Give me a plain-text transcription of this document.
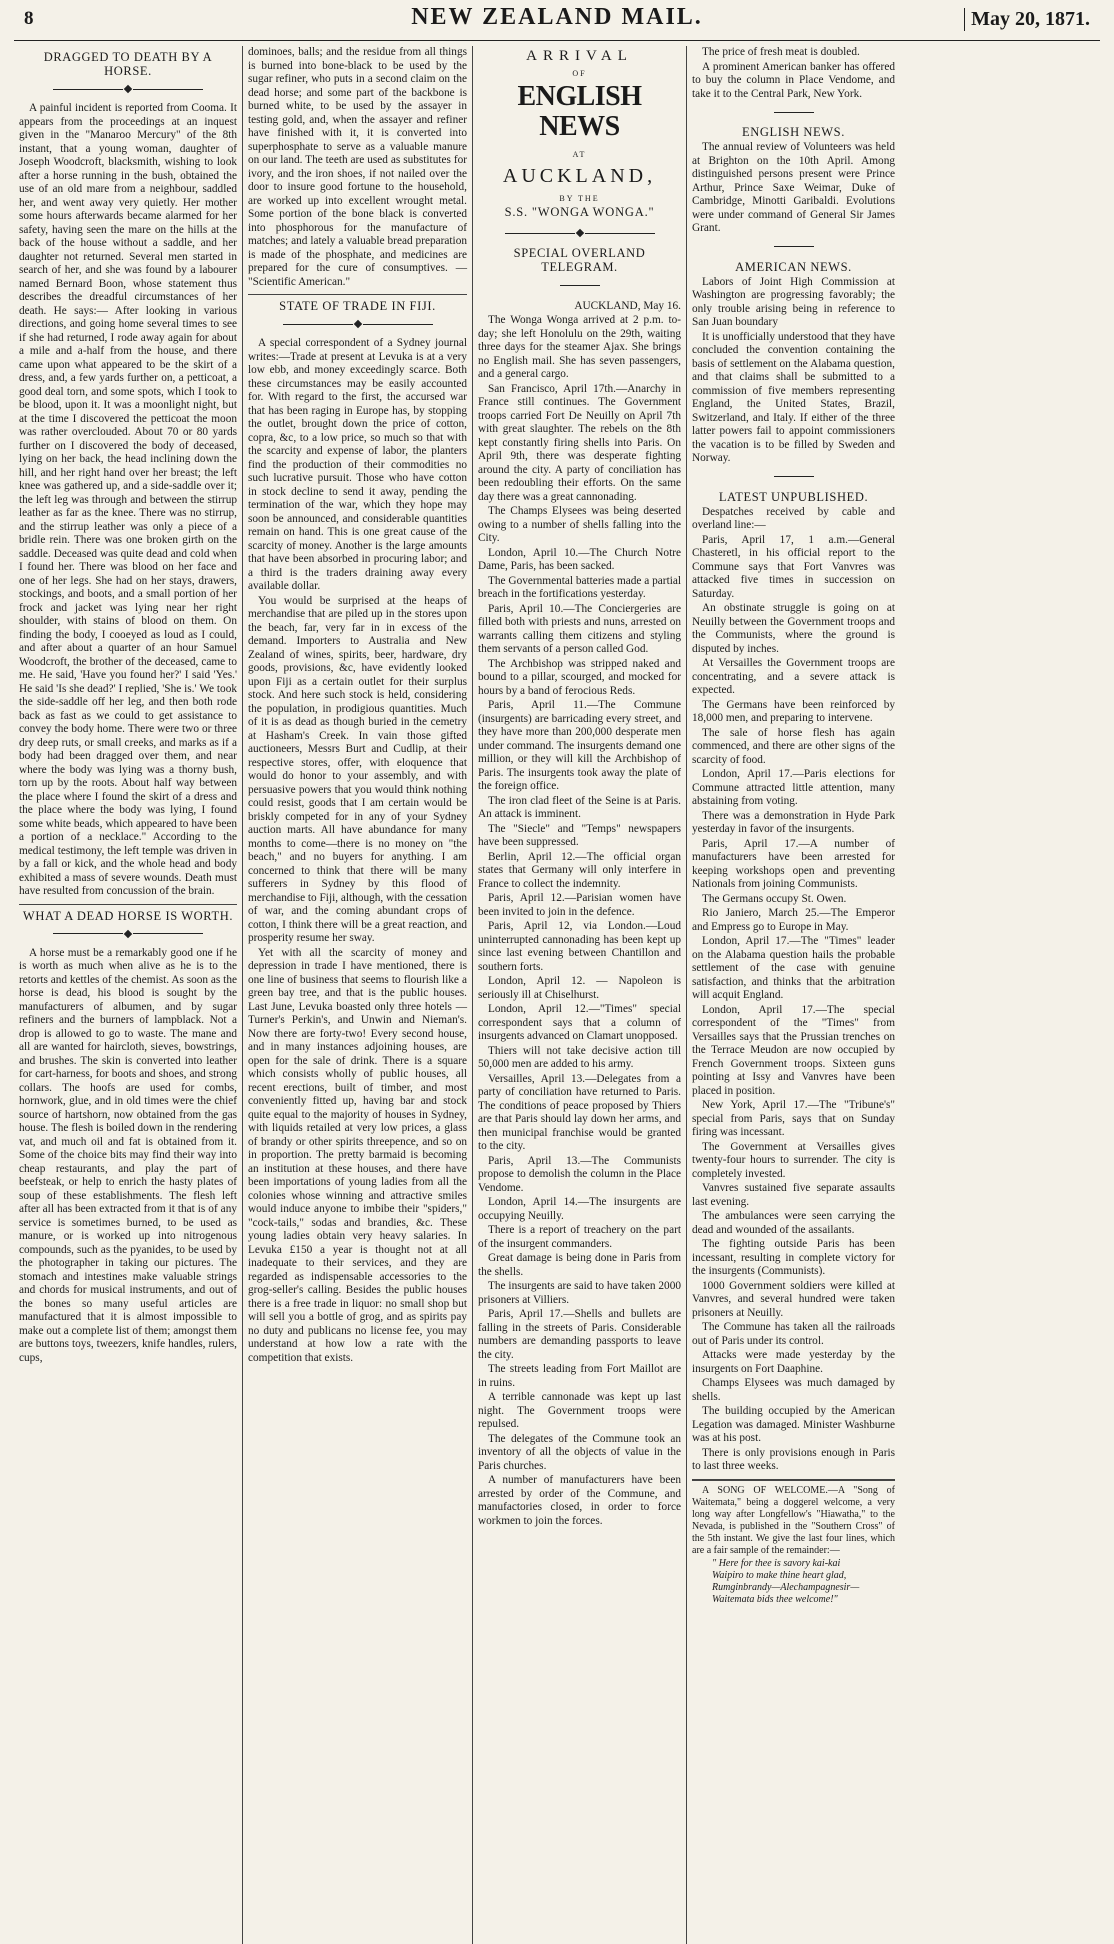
8	NEW ZEALAND MAIL.	May 20, 1871.
DRAGGED TO DEATH BY A HORSE.

A painful incident is reported from Cooma. It appears from the proceedings at an inquest given in the "Manaroo Mercury" of the 8th instant, that a young woman, daughter of Joseph Woodcroft, blacksmith, wishing to look after a horse running in the bush, obtained the use of an old mare from a neighbour, saddled her, and went away very quietly. Her mother some hours afterwards became alarmed for her safety, having seen the mare on the hills at the back of the house without a saddle, and her daughter not returned. Several men started in search of her, and she was found by a labourer named Bernard Boon, whose statement thus describes the dreadful circumstances of her death. He says:— After looking in various directions, and going home several times to see if she had returned, I rode away again for about a mile and a-half from the house, and there came upon what appeared to be the skirt of a dress, and, a few yards further on, a petticoat, a good deal torn, and some spots, which I took to be blood, upon it. It was a moonlight night, but at the time I discovered the petticoat the moon was rather overclouded. About 70 or 80 yards further on I discovered the body of deceased, lying on her back, the head inclining down the hill, and her right hand over her breast; the left knee was gathered up, and a side-saddle over it; the left leg was through and between the stirrup leather as far as the knee. There was no stirrup, and the stirrup leather was only a piece of a bridle rein. There was one broken girth on the saddle. Deceased was quite dead and cold when I found her. There was blood on her face and one of her legs. She had on her stays, drawers, stockings, and boots, and a small portion of her frock and jacket was lying near her right shoulder, with stains of blood on them. On finding the body, I cooeyed as loud as I could, and after about a quarter of an hour Samuel Woodcroft, the brother of the deceased, came to me. He said, 'Have you found her?' I said 'Yes.' He said 'Is she dead?' I replied, 'She is.' We took the side-saddle off her leg, and then both rode back as fast as we could to get assistance to convey the body home. There were two or three dry deep ruts, or small creeks, and marks as if a body had been dragged over them, and near where the body was lying was a thorny bush, torn up by the roots. About half way between the place where I found the skirt of a dress and the place where the body was lying, I found some white beads, which appeared to have been a portion of a necklace." According to the medical testimony, the left temple was driven in by a fall or kick, and the whole head and body exhibited a mass of severe wounds. Death must have resulted from concussion of the brain.

WHAT A DEAD HORSE IS WORTH.

A horse must be a remarkably good one if he is worth as much when alive as he is to the retorts and kettles of the chemist. As soon as the horse is dead, his blood is sought by the manufacturers of albumen, and by sugar refiners and the burners of lampblack. Not a drop is allowed to go to waste. The mane and all are wanted for haircloth, sieves, bowstrings, and brushes. The skin is converted into leather for cart-harness, for boots and shoes, and strong collars. The hoofs are used for combs, hornwork, glue, and in old times were the chief source of hartshorn, now obtained from the gas house. The flesh is boiled down in the rendering vat, and much oil and fat is obtained from it. Some of the choice bits may find their way into cheap restaurants, and play the part of beefsteak, or help to enrich the hasty plates of soup of these establishments. The flesh left after all has been extracted from it that is of any service is sometimes burned, to be used as manure, or is worked up into nitrogenous compounds, such as the pyanides, to be used by the photographer in taking our pictures. The stomach and intestines make valuable strings and chords for musical instruments, and out of the bones so many useful articles are manufactured that it is almost impossible to make out a complete list of them; amongst them are buttons toys, tweezers, knife handles, rulers, cups,

dominoes, balls; and the residue from all things is burned into bone-black to be used by the sugar refiner, who puts in a second claim on the dead horse; and some part of the backbone is burned white, to be used by the assayer in testing gold, and, when the assayer and refiner have finished with it, it is converted into superphosphate to serve as a valuable manure on our land. The teeth are used as substitutes for ivory, and the iron shoes, if not nailed over the door to insure good fortune to the household, are worked up into excellent wrought metal. Some portion of the bone black is converted into phosphorous for the manufacture of matches; and lately a valuable bread preparation is made of the phosphate, and medicines are prepared for the cure of consumptives. — "Scientific American."

STATE OF TRADE IN FIJI.

A special correspondent of a Sydney journal writes:—Trade at present at Levuka is at a very low ebb, and money exceedingly scarce. Both these circumstances may be easily accounted for. With regard to the first, the accursed war that has been raging in Europe has, by stopping the outlet, brought down the price of cotton, copra, &c, to a low price, so much so that with the scarcity and expense of labor, the planters find the production of their commodities no such lucrative pursuit. Those who have cotton in stock decline to send it away, pending the termination of the war, which they hope may soon be announced, and considerable quantities remain on hand. This is one great cause of the scarcity of money. Another is the large amounts that have been absorbed in procuring labor; and a third is the traders draining away every available dollar.

You would be surprised at the heaps of merchandise that are piled up in the stores upon the beach, far, very far in in excess of the demand. Importers to Australia and New Zealand of wines, spirits, beer, hardware, dry goods, provisions, &c, have evidently looked upon Fiji as a certain outlet for their surplus stock. And here such stock is held, considering the population, in prodigious quantities. Much of it is as dead as though buried in the cemetry at Hasham's Creek. In vain those gifted auctioneers, Messrs Burt and Cudlip, at their respective stores, offer, with eloquence that would do honor to your assembly, and with persuasive powers that you would think nothing could resist, goods that I am certain would be briskly competed for in any of your Sydney auction marts. All have abundance for many months to come—there is no money on "the beach," and no buyers for anything. I am concerned to think that there will be many sufferers in Sydney by this flood of merchandise to Fiji, although, with the cessation of war, and the coming abundant crops of cotton, I think there will be a great reaction, and prosperity resume her sway.

Yet with all the scarcity of money and depression in trade I have mentioned, there is one line of business that seems to flourish like a green bay tree, and that is the public houses. Last June, Levuka boasted only three hotels —Turner's Perkin's, and Unwin and Nieman's. Now there are forty-two! Every second house, and in many instances adjoining houses, are open for the sale of drink. There is a square which consists wholly of public houses, all recent erections, built of timber, and most conveniently fitted up, having bar and stock quite equal to the majority of houses in Sydney, with liquids retailed at very low prices, a glass of brandy or other spirits threepence, and so on in proportion. The pretty barmaid is becoming an institution at these houses, and there have been importations of young ladies from all the colonies whose winning and attractive smiles would induce anyone to imbibe their "spiders," "cock-tails," sodas and brandies, &c. These young ladies obtain very heavy salaries. In Levuka £150 a year is thought not at all inadequate to their services, and they are regarded as indispensable accessories to the grog-seller's calling. Besides the public houses there is a free trade in liquor: no small shop but will sell you a bottle of grog, and as spirits pay no duty and publicans no license fee, you may understand at how low a rate with the competition that exists.

ARRIVAL
OF
ENGLISH NEWS
AT
AUCKLAND,
BY THE
S.S. "WONGA WONGA."
SPECIAL OVERLAND TELEGRAM.
AUCKLAND, May 16.

The Wonga Wonga arrived at 2 p.m. to-day; she left Honolulu on the 29th, waiting three days for the steamer Ajax. She brings no English mail. She has seven passengers, and a general cargo.

San Francisco, April 17th.—Anarchy in France still continues. The Government troops carried Fort De Neuilly on April 7th with great slaughter. The rebels on the 8th kept constantly firing shells into Paris. On April 9th, there was desperate fighting around the city. A party of conciliation has been redoubling their efforts. On the same day there was a great cannonading.

The Champs Elysees was being deserted owing to a number of shells falling into the City.

London, April 10.—The Church Notre Dame, Paris, has been sacked.

The Governmental batteries made a partial breach in the fortifications yesterday.

Paris, April 10.—The Conciergeries are filled both with priests and nuns, arrested on warrants calling them citizens and styling them servants of a person called God.

The Archbishop was stripped naked and bound to a pillar, scourged, and mocked for hours by a band of ferocious Reds.

Paris, April 11.—The Commune (insurgents) are barricading every street, and they have more than 200,000 desperate men under command. The insurgents demand one million, or they will kill the Archbishop of Paris. The insurgents took away the plate of the foreign office.

The iron clad fleet of the Seine is at Paris. An attack is imminent.

The "Siecle" and "Temps" newspapers have been suppressed.

Berlin, April 12.—The official organ states that Germany will only interfere in France to collect the indemnity.

Paris, April 12.—Parisian women have been invited to join in the defence.

Paris, April 12, via London.—Loud uninterrupted cannonading has been kept up since last evening between Chantillon and southern forts.

London, April 12. — Napoleon is seriously ill at Chiselhurst.

London, April 12.—"Times" special correspondent says that a column of insurgents advanced on Clamart unopposed.

Thiers will not take decisive action till 50,000 men are added to his army.

Versailles, April 13.—Delegates from a party of conciliation have returned to Paris. The conditions of peace proposed by Thiers are that Paris should lay down her arms, and then municipal franchise would be granted to the city.

Paris, April 13.—The Communists propose to demolish the column in the Place Vendome.

London, April 14.—The insurgents are occupying Neuilly.

There is a report of treachery on the part of the insurgent commanders.

Great damage is being done in Paris from the shells.

The insurgents are said to have taken 2000 prisoners at Villiers.

Paris, April 17.—Shells and bullets are falling in the streets of Paris. Considerable numbers are demanding passports to leave the city.

The streets leading from Fort Maillot are in ruins.

A terrible cannonade was kept up last night. The Government troops were repulsed.

The delegates of the Commune took an inventory of all the objects of value in the Paris churches.

A number of manufacturers have been arrested by order of the Commune, and manufactories closed, in order to force workmen to join the forces.

The price of fresh meat is doubled.

A prominent American banker has offered to buy the column in Place Vendome, and take it to the Central Park, New York.

ENGLISH NEWS.

The annual review of Volunteers was held at Brighton on the 10th April. Among distinguished persons present were Prince Arthur, Prince Saxe Weimar, Duke of Cambridge, Minotti Garibaldi. Evolutions were under command of General Sir James Grant.

AMERICAN NEWS.

Labors of Joint High Commission at Washington are progressing favorably; the only trouble arising being in reference to San Juan boundary

It is unofficially understood that they have concluded the convention containing the basis of settlement on the Alabama question, and that claims shall be submitted to a commission of five members representing England, the United States, Brazil, Switzerland, and Italy. If either of the three latter powers fail to appoint commissioners the vacation is to be filled by Sweden and Norway.

LATEST UNPUBLISHED.

Despatches received by cable and overland line:—

Paris, April 17, 1 a.m.—General Chasteretl, in his official report to the Commune says that Fort Vanvres was attacked five times in succession on Saturday.

An obstinate struggle is going on at Neuilly between the Government troops and the Communists, where the ground is disputed by inches.

At Versailles the Government troops are concentrating, and a severe attack is expected.

The Germans have been reinforced by 18,000 men, and preparing to intervene.

The sale of horse flesh has again commenced, and there are other signs of the scarcity of food.

London, April 17.—Paris elections for Commune attracted little attention, many abstaining from voting.

There was a demonstration in Hyde Park yesterday in favor of the insurgents.

Paris, April 17.—A number of manufacturers have been arrested for keeping workshops open and preventing Nationals from joining Communists.

The Germans occupy St. Owen.

Rio Janiero, March 25.—The Emperor and Empress go to Europe in May.

London, April 17.—The "Times" leader on the Alabama question hails the probable settlement of the case with genuine satisfaction, and thinks that the arbitration will acquit England.

London, April 17.—The special correspondent of the "Times" from Versailles says that the Prussian trenches on the Terrace Meudon are now occupied by French Government troops. Sixteen guns pointing at Issy and Vanvres have been placed in position.

New York, April 17.—The "Tribune's" special from Paris, says that on Sunday firing was incessant.

The Government at Versailles gives twenty-four hours to surrender. The city is completely invested.

Vanvres sustained five separate assaults last evening.

The ambulances were seen carrying the dead and wounded of the assailants.

The fighting outside Paris has been incessant, resulting in complete victory for the insurgents (Communists).

1000 Government soldiers were killed at Vanvres, and several hundred were taken prisoners at Neuilly.

The Commune has taken all the railroads out of Paris under its control.

Attacks were made yesterday by the insurgents on Fort Daaphine.

Champs Elysees was much damaged by shells.

The building occupied by the American Legation was damaged. Minister Washburne was at his post.

There is only provisions enough in Paris to last three weeks.

A SONG OF WELCOME.—A "Song of Waitemata," being a doggerel welcome, a very long way after Longfellow's "Hiawatha," to the Nevada, is published in the "Southern Cross" of the 5th instant. We give the last four lines, which are a fair sample of the remainder:—

" Here for thee is savory kai-kai
Waipiro to make thine heart glad,
Rumginbrandy—Alechampagnesir—
Waitemata bids thee welcome!"
